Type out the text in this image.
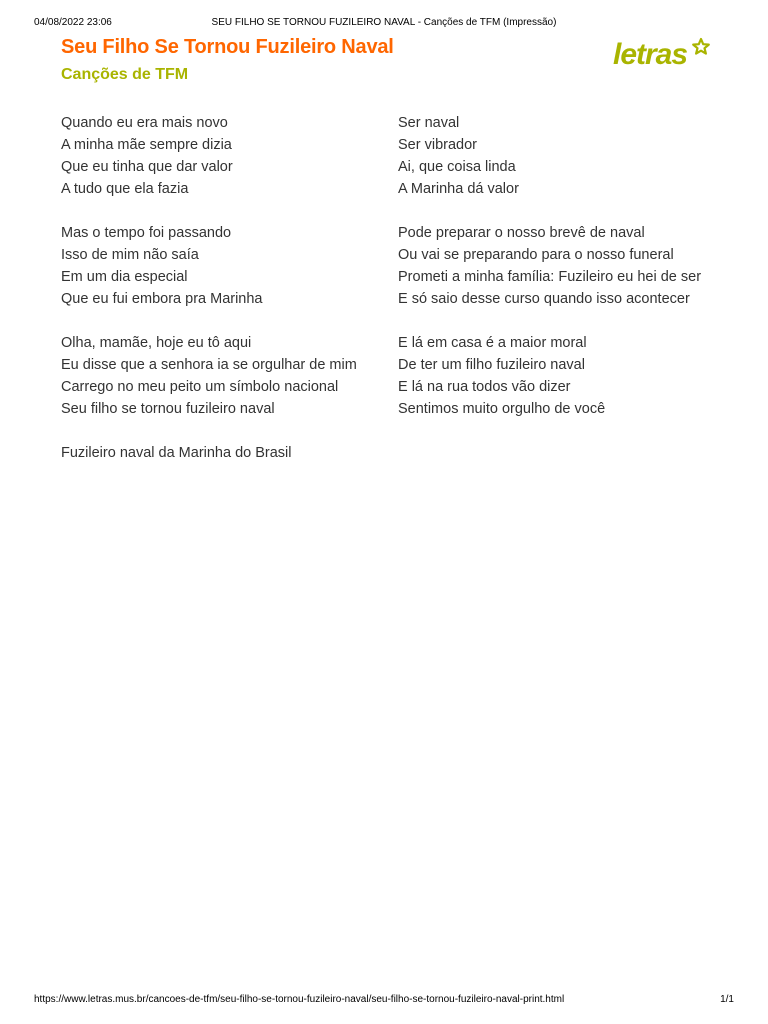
04/08/2022 23:06	SEU FILHO SE TORNOU FUZILEIRO NAVAL - Canções de TFM (Impressão)
Seu Filho Se Tornou Fuzileiro Naval
Canções de TFM
letras

Quando eu era mais novo

A minha mãe sempre dizia

Que eu tinha que dar valor

A tudo que ela fazia

Mas o tempo foi passando

Isso de mim não saía

Em um dia especial

Que eu fui embora pra Marinha

Olha, mamãe, hoje eu tô aqui

Eu disse que a senhora ia se orgulhar de mim

Carrego no meu peito um símbolo nacional

Seu filho se tornou fuzileiro naval

Fuzileiro naval da Marinha do Brasil

Ser naval

Ser vibrador

Ai, que coisa linda

A Marinha dá valor

Pode preparar o nosso brevê de naval

Ou vai se preparando para o nosso funeral

Prometi a minha família: Fuzileiro eu hei de ser

E só saio desse curso quando isso acontecer

E lá em casa é a maior moral

De ter um filho fuzileiro naval

E lá na rua todos vão dizer

Sentimos muito orgulho de você

https://www.letras.mus.br/cancoes-de-tfm/seu-filho-se-tornou-fuzileiro-naval/seu-filho-se-tornou-fuzileiro-naval-print.html	1/1
